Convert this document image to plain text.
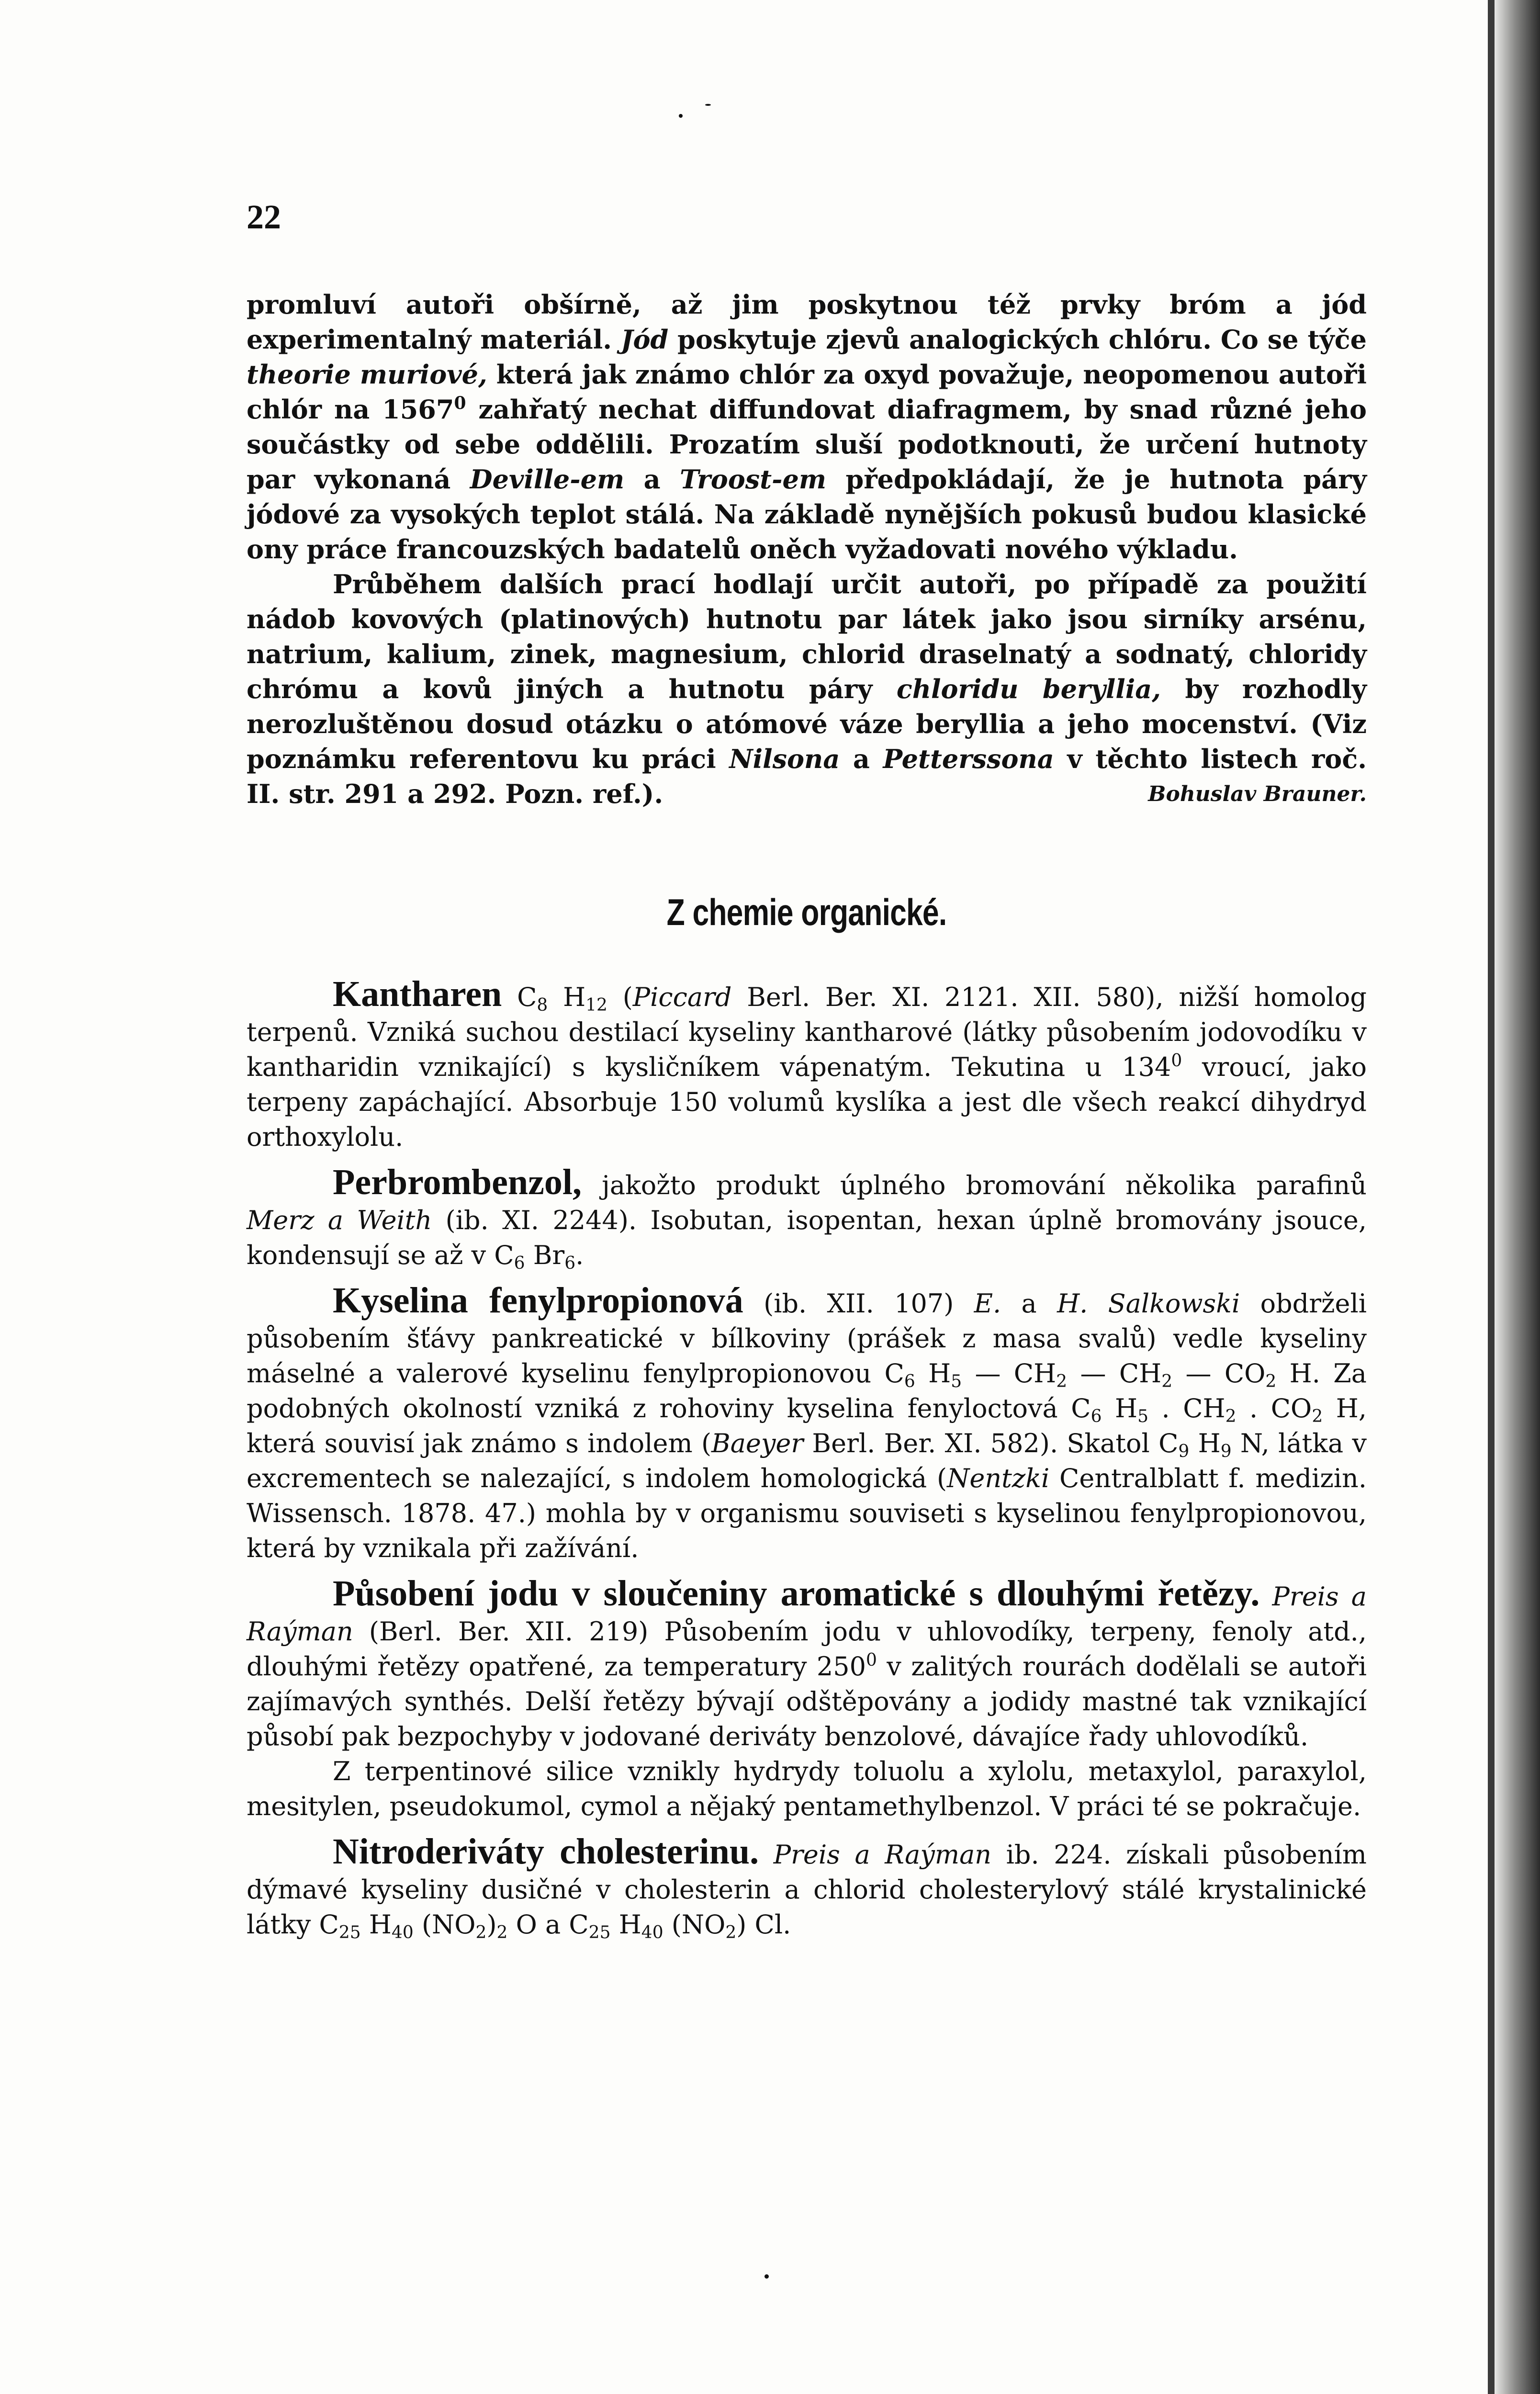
22

promluví autoři obšírně, až jim poskytnou též prvky bróm a jód experimentalný materiál. Jód poskytuje zjevů analogických chlóru. Co se týče theorie muriové, která jak známo chlór za oxyd považuje, neopomenou autoři chlór na 1567$^0$ zahřatý nechat diffundovat diafragmem, by snad různé jeho součástky od sebe oddělili. Prozatím sluší podotknouti, že určení hutnoty par vykonaná Deville-em a Troost-em předpokládají, že je hutnota páry jódové za vysokých teplot stálá. Na základě nynějších pokusů budou klasické ony práce francouzských badatelů oněch vyžadovati nového výkladu.

Průběhem dalších prací hodlají určit autoři, po případě za použití nádob kovových (platinových) hutnotu par látek jako jsou sirníky arsénu, natrium, kalium, zinek, magnesium, chlorid draselnatý a sodnatý, chloridy chrómu a kovů jiných a hutnotu páry chloridu beryllia, by rozhodly nerozluštěnou dosud otázku o atómové váze beryllia a jeho mocenství. (Viz poznámku referentovu ku práci Nilsona a Petterssona v těchto listech roč. II. str. 291 a 292. Pozn. ref.).	Bohuslav Brauner.
Z chemie organické.

Kantharen $C_8$ $H_{12}$ (Piccard Berl. Ber. XI. 2121. XII. 580), nižší homolog terpenů. Vzniká suchou destilací kyseliny kantharové (látky působením jodovodíku v kantharidin vznikající) s kysličníkem vápenatým. Tekutina u $134^0$ vroucí, jako terpeny zapáchající. Absorbuje 150 volumů kyslíka a jest dle všech reakcí dihydryd orthoxylolu.

Perbrombenzol, jakožto produkt úplného bromování několika parafinů Merz a Weith (ib. XI. 2244). Isobutan, isopentan, hexan úplně bromovány jsouce, kondensují se až v $C_6$ $Br_6$.

Kyselina fenylpropionová (ib. XII. 107) E. a H. Salkowski obdrželi působením šťávy pankreatické v bílkoviny (prášek z masa svalů) vedle kyseliny máselné a valerové kyselinu fenylpropionovou $C_6$ $H_5$ — $CH_2$ — $CH_2$ — $CO_2$ H. Za podobných okolností vzniká z rohoviny kyselina fenyloctová $C_6$ $H_5$ . $CH_2$ . $CO_2$ H, která souvisí jak známo s indolem (Baeyer Berl. Ber. XI. 582). Skatol $C_9$ $H_9$ N, látka v excrementech se nalezající, s indolem homologická (Nentzki Centralblatt f. medizin. Wissensch. 1878. 47.) mohla by v organismu souviseti s kyselinou fenylpropionovou, která by vznikala při zažívání.

Působení jodu v sloučeniny aromatické s dlouhými řetězy. Preis a Raýman (Berl. Ber. XII. 219) Působením jodu v uhlovodíky, terpeny, fenoly atd., dlouhými řetězy opatřené, za temperatury $250^0$ v zalitých rourách dodělali se autoři zajímavých synthés. Delší řetězy bývají odštěpovány a jodidy mastné tak vznikající působí pak bezpochyby v jodované deriváty benzolové, dávajíce řady uhlovodíků.

Z terpentinové silice vznikly hydrydy toluolu a xylolu, metaxylol, paraxylol, mesitylen, pseudokumol, cymol a nějaký pentamethylbenzol. V práci té se pokračuje.

Nitroderiváty cholesterinu. Preis a Raýman ib. 224. získali působením dýmavé kyseliny dusičné v cholesterin a chlorid cholesterylový stálé krystalinické látky $C_{25}$ $H_{40}$ $(NO_2)_2$ O a $C_{25}$ $H_{40}$ $(NO_2)$ Cl.
